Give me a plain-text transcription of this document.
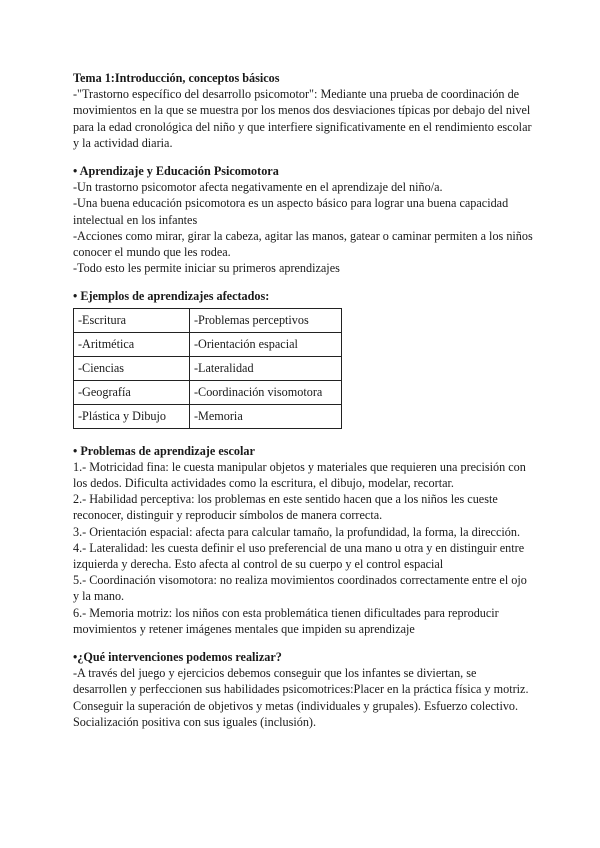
Tema 1:Introducción, conceptos básicos

-"Trastorno específico del desarrollo psicomotor": Mediante una prueba de coordinación de movimientos en la que se muestra por los menos dos desviaciones típicas por debajo del nivel para la edad cronológica del niño y que interfiere significativamente en el rendimiento escolar y la actividad diaria.

• Aprendizaje y Educación Psicomotora

-Un trastorno psicomotor afecta negativamente en el aprendizaje del niño/a.

-Una buena educación psicomotora es un aspecto básico para lograr una buena capacidad intelectual en los infantes

-Acciones como mirar, girar la cabeza, agitar las manos, gatear o caminar permiten a los niños conocer el mundo que les rodea.

-Todo esto les permite iniciar su primeros aprendizajes

• Ejemplos de aprendizajes afectados:

-Escritura	-Problemas perceptivos
-Aritmética	-Orientación espacial
-Ciencias	-Lateralidad
-Geografía	-Coordinación visomotora
-Plástica y Dibujo	-Memoria

• Problemas de aprendizaje escolar

1.- Motricidad fina: le cuesta manipular objetos y materiales que requieren una precisión con los dedos. Dificulta actividades como la escritura, el dibujo, modelar, recortar.

2.- Habilidad perceptiva: los problemas en este sentido hacen que a los niños les cueste reconocer, distinguir y reproducir símbolos de manera correcta.

3.- Orientación espacial: afecta para calcular tamaño, la profundidad, la forma, la dirección.

4.- Lateralidad: les cuesta definir el uso preferencial de una mano u otra y en distinguir entre izquierda y derecha. Esto afecta al control de su cuerpo y el control espacial

5.- Coordinación visomotora: no realiza movimientos coordinados correctamente entre el ojo y la mano.

6.- Memoria motriz: los niños con esta problemática tienen dificultades para reproducir movimientos y retener imágenes mentales que impiden su aprendizaje

•¿Qué intervenciones podemos realizar?

-A través del juego y ejercicios debemos conseguir que los infantes se diviertan, se desarrollen y perfeccionen sus habilidades psicomotrices:Placer en la práctica física y motriz. Conseguir la superación de objetivos y metas (individuales y grupales). Esfuerzo colectivo. Socialización positiva con sus iguales (inclusión).
